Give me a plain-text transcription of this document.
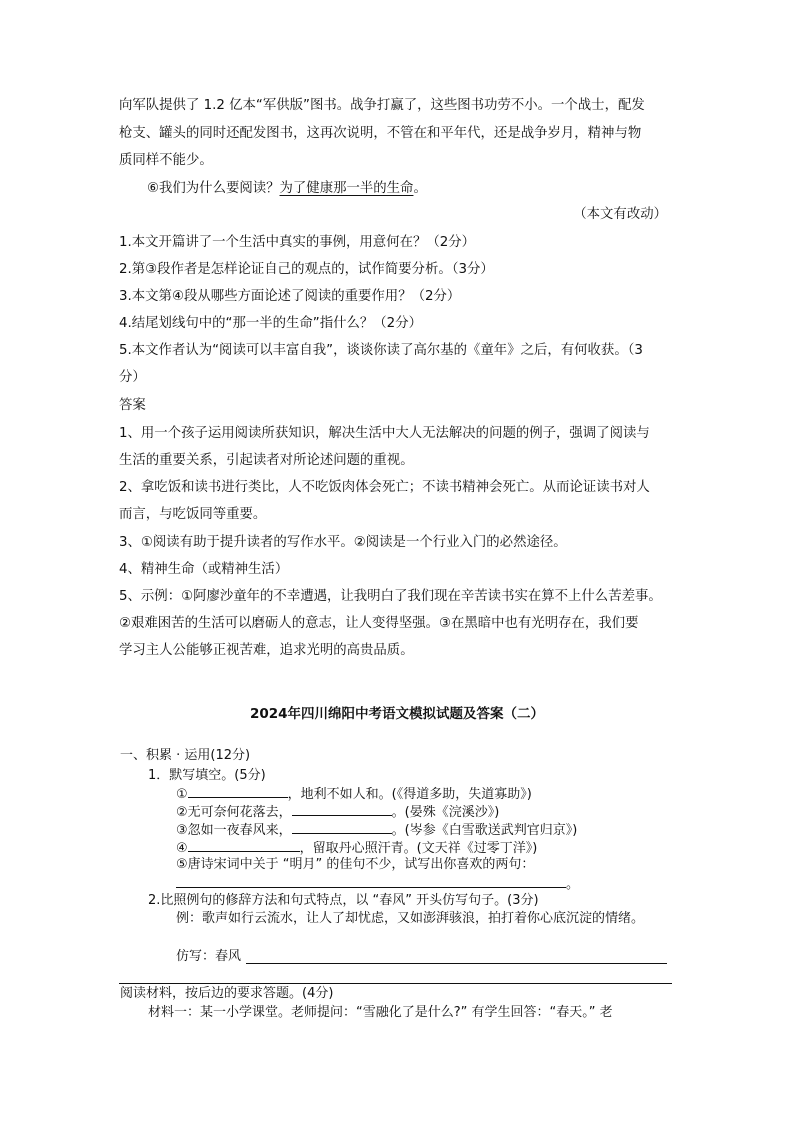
向军队提供了 1.2 亿本“军供版”图书。战争打赢了，这些图书功劳不小。一个战士，配发
枪支、罐头的同时还配发图书，这再次说明，不管在和平年代，还是战争岁月，精神与物
质同样不能少。
⑥我们为什么要阅读？为了健康那一半的生命。
（本文有改动）
1.本文开篇讲了一个生活中真实的事例，用意何在？（2分）
2.第③段作者是怎样论证自己的观点的，试作简要分析。（3分）
3.本文第④段从哪些方面论述了阅读的重要作用？（2分）
4.结尾划线句中的“那一半的生命”指什么？（2分）
5.本文作者认为“阅读可以丰富自我”，谈谈你读了高尔基的《童年》之后，有何收获。（3
分）
答案
1、用一个孩子运用阅读所获知识，解决生活中大人无法解决的问题的例子，强调了阅读与
生活的重要关系，引起读者对所论述问题的重视。
2、拿吃饭和读书进行类比，人不吃饭肉体会死亡；不读书精神会死亡。从而论证读书对人
而言，与吃饭同等重要。
3、①阅读有助于提升读者的写作水平。②阅读是一个行业入门的必然途径。
4、精神生命（或精神生活）
5、示例：①阿廖沙童年的不幸遭遇，让我明白了我们现在辛苦读书实在算不上什么苦差事。
②艰难困苦的生活可以磨砺人的意志，让人变得坚强。③在黑暗中也有光明存在，我们要
学习主人公能够正视苦难，追求光明的高贵品质。
2024年四川绵阳中考语文模拟试题及答案（二）
一、积累 · 运用(12分)
1．默写填空。(5分)
①	，地利不如人和。(《得道多助，失道寡助》)
②无可奈何花落去，	。(晏殊《浣溪沙》)
③忽如一夜春风来，	。(岑参《白雪歌送武判官归京》)
④	，留取丹心照汗青。(文天祥《过零丁洋》)
⑤唐诗宋词中关于 “明月” 的佳句不少，试写出你喜欢的两句：
。
2.比照例句的修辞方法和句式特点，以 “春风” 开头仿写句子。(3分)
例：歌声如行云流水，让人了却忧虑，又如澎湃骇浪，拍打着你心底沉淀的情绪。
仿写：春风
阅读材料，按后边的要求答题。(4分)
材料一：某一小学课堂。老师提问：“雪融化了是什么?” 有学生回答：“春天。” 老
